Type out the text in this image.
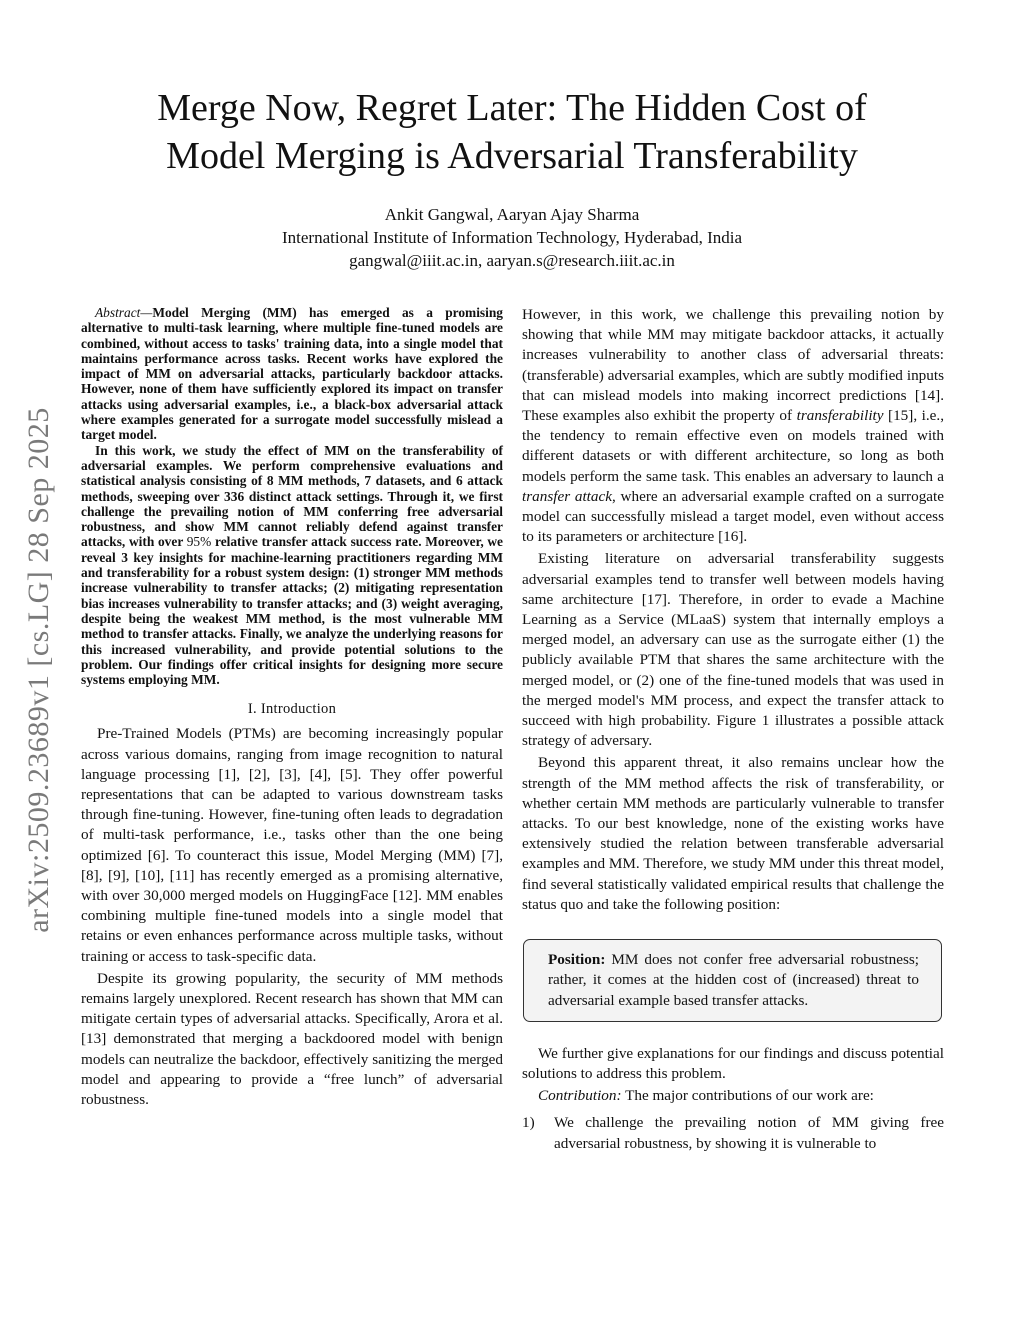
arXiv:2509.23689v1 [cs.LG] 28 Sep 2025
Merge Now, Regret Later: The Hidden Cost of
Model Merging is Adversarial Transferability
Ankit Gangwal, Aaryan Ajay Sharma
International Institute of Information Technology, Hyderabad, India
gangwal@iiit.ac.in, aaryan.s@research.iiit.ac.in

Abstract—Model Merging (MM) has emerged as a promising alternative to multi-task learning, where multiple fine-tuned models are combined, without access to tasks' training data, into a single model that maintains performance across tasks. Recent works have explored the impact of MM on adversarial attacks, particularly backdoor attacks. However, none of them have sufficiently explored its impact on transfer attacks using adversarial examples, i.e., a black-box adversarial attack where examples generated for a surrogate model successfully mislead a target model.

In this work, we study the effect of MM on the transferability of adversarial examples. We perform comprehensive evaluations and statistical analysis consisting of 8 MM methods, 7 datasets, and 6 attack methods, sweeping over 336 distinct attack settings. Through it, we first challenge the prevailing notion of MM conferring free adversarial robustness, and show MM cannot reliably defend against transfer attacks, with over 95% relative transfer attack success rate. Moreover, we reveal 3 key insights for machine-learning practitioners regarding MM and transferability for a robust system design: (1) stronger MM methods increase vulnerability to transfer attacks; (2) mitigating representation bias increases vulnerability to transfer attacks; and (3) weight averaging, despite being the weakest MM method, is the most vulnerable MM method to transfer attacks. Finally, we analyze the underlying reasons for this increased vulnerability, and provide potential solutions to the problem. Our findings offer critical insights for designing more secure systems employing MM.

I. Introduction

Pre-Trained Models (PTMs) are becoming increasingly popular across various domains, ranging from image recognition to natural language processing [1], [2], [3], [4], [5]. They offer powerful representations that can be adapted to various downstream tasks through fine-tuning. However, fine-tuning often leads to degradation of multi-task performance, i.e., tasks other than the one being optimized [6]. To counteract this issue, Model Merging (MM) [7], [8], [9], [10], [11] has recently emerged as a promising alternative, with over 30,000 merged models on HuggingFace [12]. MM enables combining multiple fine-tuned models into a single model that retains or even enhances performance across multiple tasks, without training or access to task-specific data.

Despite its growing popularity, the security of MM methods remains largely unexplored. Recent research has shown that MM can mitigate certain types of adversarial attacks. Specifically, Arora et al. [13] demonstrated that merging a backdoored model with benign models can neutralize the backdoor, effectively sanitizing the merged model and appearing to provide a “free lunch” of adversarial robustness.

However, in this work, we challenge this prevailing notion by showing that while MM may mitigate backdoor attacks, it actually increases vulnerability to another class of adversarial threats: (transferable) adversarial examples, which are subtly modified inputs that can mislead models into making incorrect predictions [14]. These examples also exhibit the property of transferability [15], i.e., the tendency to remain effective even on models trained with different datasets or with different architecture, so long as both models perform the same task. This enables an adversary to launch a transfer attack, where an adversarial example crafted on a surrogate model can successfully mislead a target model, even without access to its parameters or architecture [16].

Existing literature on adversarial transferability suggests adversarial examples tend to transfer well between models having same architecture [17]. Therefore, in order to evade a Machine Learning as a Service (MLaaS) system that internally employs a merged model, an adversary can use as the surrogate either (1) the publicly available PTM that shares the same architecture with the merged model, or (2) one of the fine-tuned models that was used in the merged model's MM process, and expect the transfer attack to succeed with high probability. Figure 1 illustrates a possible attack strategy of adversary.

Beyond this apparent threat, it also remains unclear how the strength of the MM method affects the risk of transferability, or whether certain MM methods are particularly vulnerable to transfer attacks. To our best knowledge, none of the existing works have extensively studied the relation between transferable adversarial examples and MM. Therefore, we study MM under this threat model, find several statistically validated empirical results that challenge the status quo and take the following position:

Position: MM does not confer free adversarial robustness; rather, it comes at the hidden cost of (increased) threat to adversarial example based transfer attacks.

We further give explanations for our findings and discuss potential solutions to address this problem.

Contribution: The major contributions of our work are:

1) We challenge the prevailing notion of MM giving free adversarial robustness, by showing it is vulnerable to
